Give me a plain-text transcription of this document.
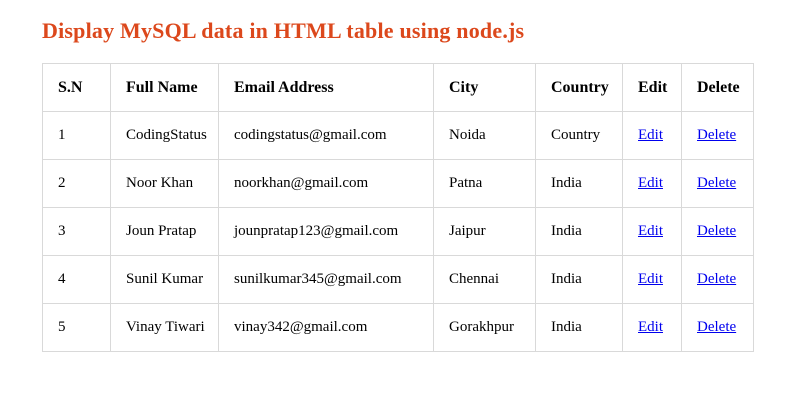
Display MySQL data in HTML table using node.js
S.N	Full Name	Email Address	City	Country	Edit	Delete
1	CodingStatus	codingstatus@gmail.com	Noida	Country	Edit	Delete
2	Noor Khan	noorkhan@gmail.com	Patna	India	Edit	Delete
3	Joun Pratap	jounpratap123@gmail.com	Jaipur	India	Edit	Delete
4	Sunil Kumar	sunilkumar345@gmail.com	Chennai	India	Edit	Delete
5	Vinay Tiwari	vinay342@gmail.com	Gorakhpur	India	Edit	Delete
